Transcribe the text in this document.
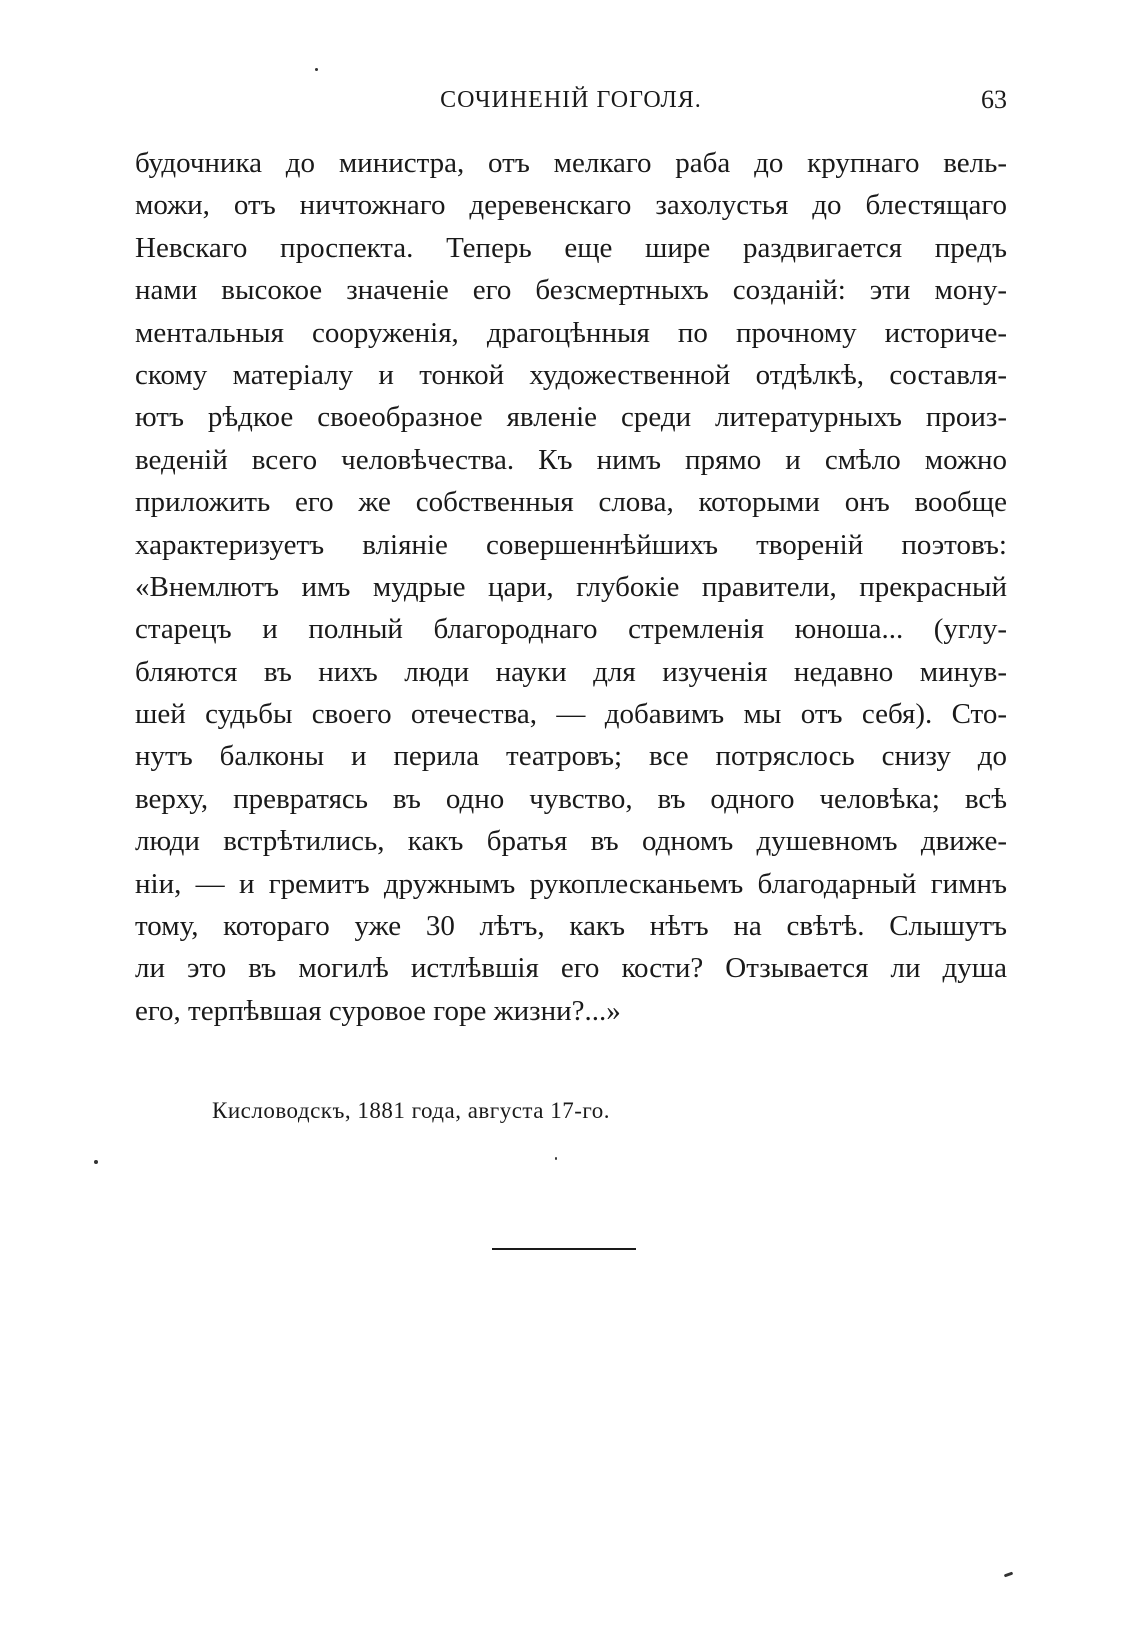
СОЧИНЕНІЙ ГОГОЛЯ.	63
будочника до министра, отъ мелкаго раба до крупнаго вель-
можи, отъ ничтожнаго деревенскаго захолустья до блестящаго
Невскаго проспекта. Теперь еще шире раздвигается предъ
нами высокое значеніе его безсмертныхъ созданій: эти мону-
ментальныя сооруженія, драгоцѣнныя по прочному историче-
скому матеріалу и тонкой художественной отдѣлкѣ, составля-
ютъ рѣдкое своеобразное явленіе среди литературныхъ произ-
веденій всего человѣчества. Къ нимъ прямо и смѣло можно
приложить его же собственныя слова, которыми онъ вообще
характеризуетъ вліяніе совершеннѣйшихъ твореній поэтовъ:
«Внемлютъ имъ мудрые цари, глубокіе правители, прекрасный
старецъ и полный благороднаго стремленія юноша... (углу-
бляются въ нихъ люди науки для изученія недавно минув-
шей судьбы своего отечества, — добавимъ мы отъ себя). Сто-
нутъ балконы и перила театровъ; все потряслось снизу до
верху, превратясь въ одно чувство, въ одного человѣка; всѣ
люди встрѣтились, какъ братья въ одномъ душевномъ движе-
ніи, — и гремитъ дружнымъ рукоплесканьемъ благодарный гимнъ
тому, котораго уже 30 лѣтъ, какъ нѣтъ на свѣтѣ. Слышутъ
ли это въ могилѣ истлѣвшія его кости? Отзывается ли душа
его, терпѣвшая суровое горе жизни?...»
Кисловодскъ, 1881 года, августа 17-го.
